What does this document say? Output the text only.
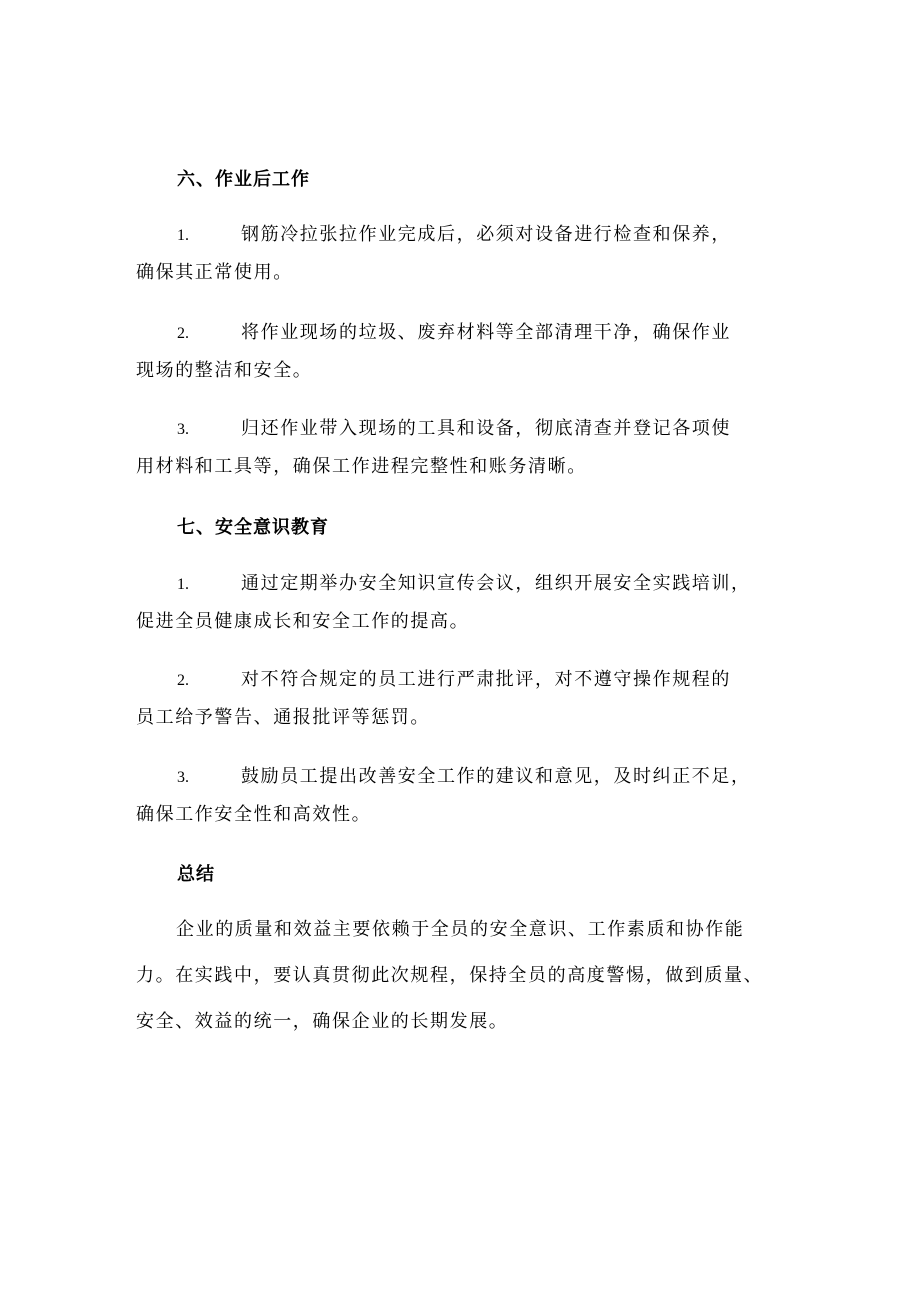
六、作业后工作
1.	钢筋冷拉张拉作业完成后，必须对设备进行检查和保养，
确保其正常使用。
2.	将作业现场的垃圾、废弃材料等全部清理干净，确保作业
现场的整洁和安全。
3.	归还作业带入现场的工具和设备，彻底清查并登记各项使
用材料和工具等，确保工作进程完整性和账务清晰。
七、安全意识教育
1.	通过定期举办安全知识宣传会议，组织开展安全实践培训，
促进全员健康成长和安全工作的提高。
2.	对不符合规定的员工进行严肃批评，对不遵守操作规程的
员工给予警告、通报批评等惩罚。
3.	鼓励员工提出改善安全工作的建议和意见，及时纠正不足，
确保工作安全性和高效性。
总结
企业的质量和效益主要依赖于全员的安全意识、工作素质和协作能
力。在实践中，要认真贯彻此次规程，保持全员的高度警惕，做到质量、
安全、效益的统一，确保企业的长期发展。
